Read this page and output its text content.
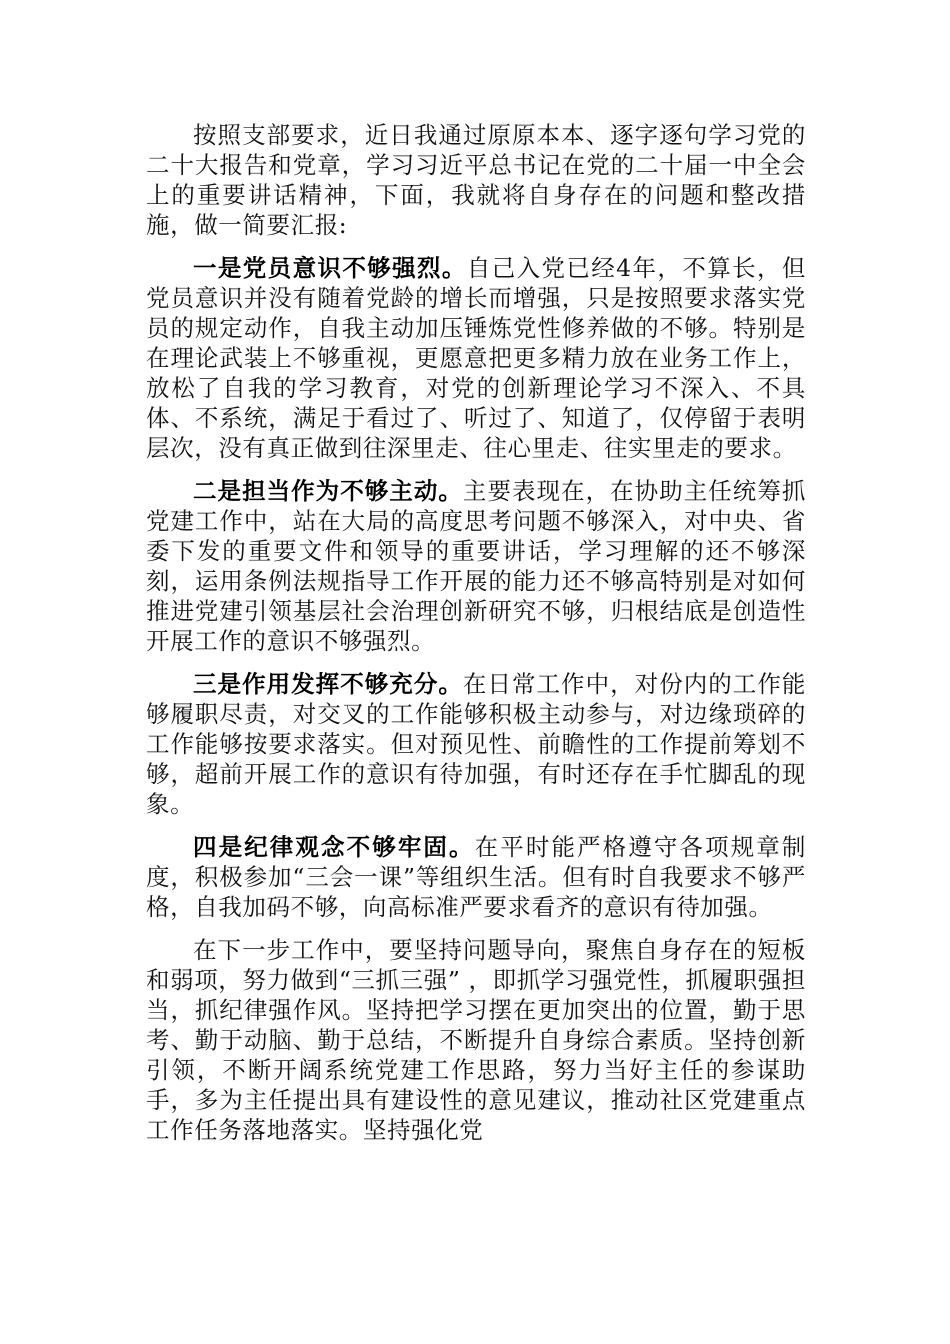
按照支部要求，近日我通过原原本本、逐字逐句学习党的二十大报告和党章，学习习近平总书记在党的二十届一中全会上的重要讲话精神，下面，我就将自身存在的问题和整改措施，做一简要汇报:

一是党员意识不够强烈。自己入党已经4年，不算长，但党员意识并没有随着党龄的增长而增强，只是按照要求落实党员的规定动作，自我主动加压锤炼党性修养做的不够。特别是在理论武装上不够重视，更愿意把更多精力放在业务工作上，放松了自我的学习教育，对党的创新理论学习不深入、不具体、不系统，满足于看过了、听过了、知道了，仅停留于表明层次，没有真正做到往深里走、往心里走、往实里走的要求。

二是担当作为不够主动。主要表现在，在协助主任统筹抓党建工作中，站在大局的高度思考问题不够深入，对中央、省委下发的重要文件和领导的重要讲话，学习理解的还不够深刻，运用条例法规指导工作开展的能力还不够高特别是对如何推进党建引领基层社会治理创新研究不够，归根结底是创造性开展工作的意识不够强烈。

三是作用发挥不够充分。在日常工作中，对份内的工作能够履职尽责，对交叉的工作能够积极主动参与，对边缘琐碎的工作能够按要求落实。但对预见性、前瞻性的工作提前筹划不够，超前开展工作的意识有待加强，有时还存在手忙脚乱的现象。

四是纪律观念不够牢固。在平时能严格遵守各项规章制度，积极参加“三会一课”等组织生活。但有时自我要求不够严格，自我加码不够，向高标准严要求看齐的意识有待加强。

在下一步工作中，要坚持问题导向，聚焦自身存在的短板和弱项，努力做到“三抓三强” ，即抓学习强党性，抓履职强担当，抓纪律强作风。坚持把学习摆在更加突出的位置，勤于思考、勤于动脑、勤于总结，不断提升自身综合素质。坚持创新引领，不断开阔系统党建工作思路，努力当好主任的参谋助手，多为主任提出具有建设性的意见建议，推动社区党建重点工作任务落地落实。坚持强化党
